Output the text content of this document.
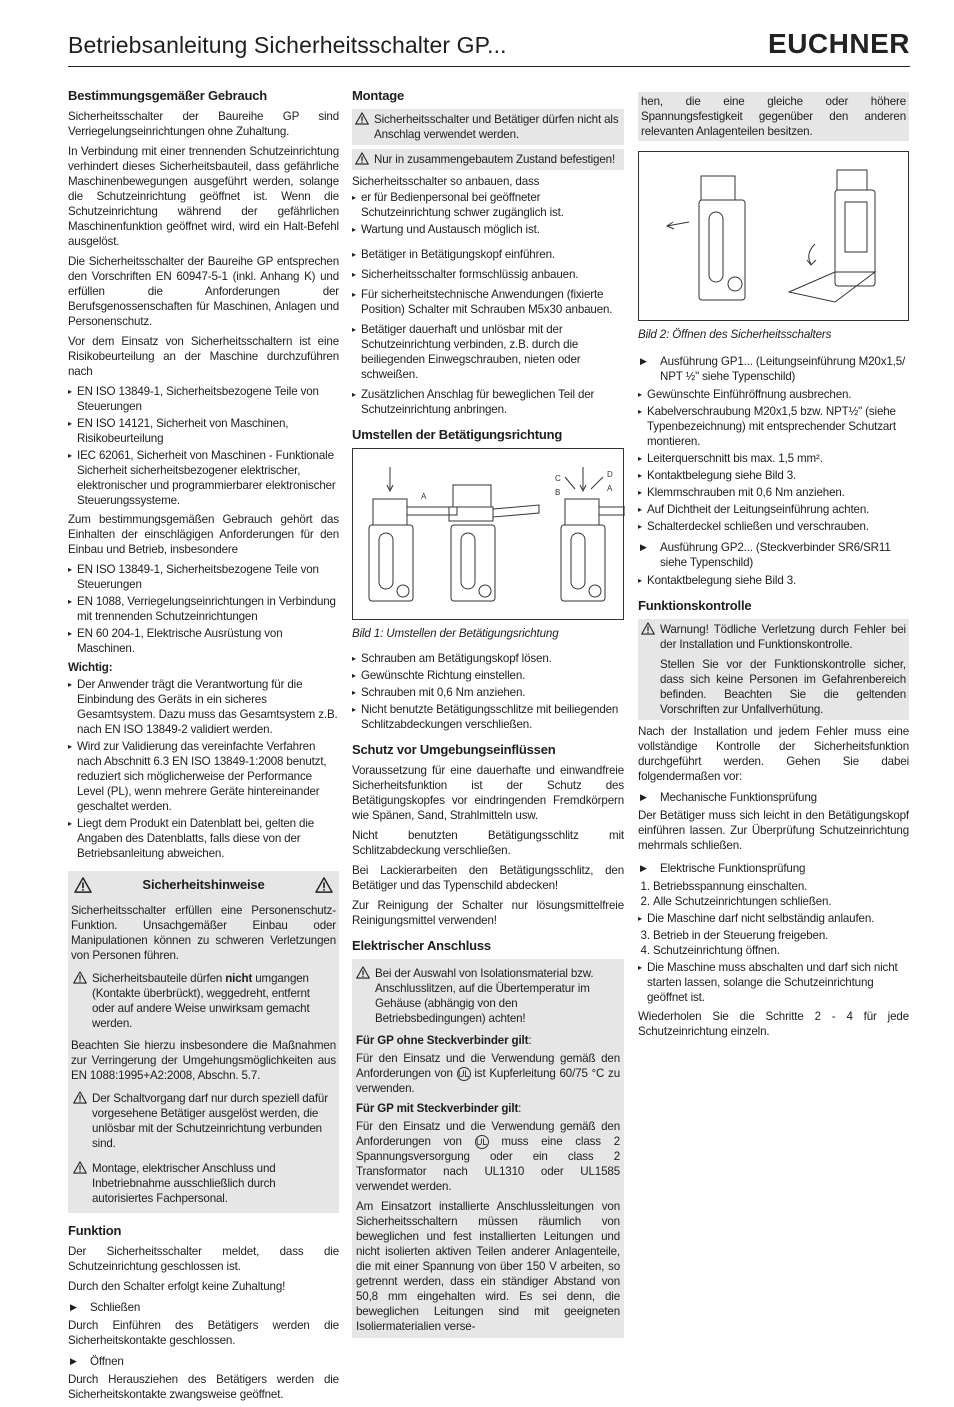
Betriebsanleitung Sicherheitsschalter GP...	EUCHNER
Bestimmungsgemäßer Gebrauch

Sicherheitsschalter der Baureihe GP sind Verriegelungseinrichtungen ohne Zuhaltung.

In Verbindung mit einer trennenden Schutzeinrichtung verhindert dieses Sicherheitsbauteil, dass gefährliche Maschinenbewegungen ausgeführt werden, solange die Schutzeinrichtung geöffnet ist. Wenn die Schutzeinrichtung während der gefährlichen Maschinenfunktion geöffnet wird, wird ein Halt-Befehl ausgelöst.

Die Sicherheitsschalter der Baureihe GP entsprechen den Vorschriften EN 60947-5-1 (inkl. Anhang K) und erfüllen die Anforderungen der Berufsgenossenschaften für Maschinen, Anlagen und Personenschutz.

Vor dem Einsatz von Sicherheitsschaltern ist eine Risikobeurteilung an der Maschine durchzuführen nach

▸ EN ISO 13849-1, Sicherheitsbezogene Teile von Steuerungen
▸ EN ISO 14121, Sicherheit von Maschinen, Risikobeurteilung
▸ IEC 62061, Sicherheit von Maschinen - Funktionale Sicherheit sicherheitsbezogener elektrischer, elektronischer und programmierbarer elektronischer Steuerungssysteme.

Zum bestimmungsgemäßen Gebrauch gehört das Einhalten der einschlägigen Anforderungen für den Einbau und Betrieb, insbesondere

▸ EN ISO 13849-1, Sicherheitsbezogene Teile von Steuerungen
▸ EN 1088, Verriegelungseinrichtungen in Verbindung mit trennenden Schutzeinrichtungen
▸ EN 60 204-1, Elektrische Ausrüstung von Maschinen.

Wichtig:

▸ Der Anwender trägt die Verantwortung für die Einbindung des Geräts in ein sicheres Gesamtsystem. Dazu muss das Gesamtsystem z.B. nach EN ISO 13849-2 validiert werden.
▸ Wird zur Validierung das vereinfachte Verfahren nach Abschnitt 6.3 EN ISO 13849-1:2008 benutzt, reduziert sich möglicherweise der Performance Level (PL), wenn mehrere Geräte hintereinander geschaltet werden.
▸ Liegt dem Produkt ein Datenblatt bei, gelten die Angaben des Datenblatts, falls diese von der Betriebsanleitung abweichen.
Sicherheitshinweise

Sicherheitsschalter erfüllen eine Personenschutz-Funktion. Unsachgemäßer Einbau oder Manipulationen können zu schweren Verletzungen von Personen führen.

Sicherheitsbauteile dürfen nicht umgangen (Kontakte überbrückt), weggedreht, entfernt oder auf andere Weise unwirksam gemacht werden.

Beachten Sie hierzu insbesondere die Maßnahmen zur Verringerung der Umgehungsmöglichkeiten aus EN 1088:1995+A2:2008, Abschn. 5.7.

Der Schaltvorgang darf nur durch speziell dafür vorgesehene Betätiger ausgelöst werden, die unlösbar mit der Schutzeinrichtung verbunden sind.
Montage, elektrischer Anschluss und Inbetriebnahme ausschließlich durch autorisiertes Fachpersonal.
Funktion

Der Sicherheitsschalter meldet, dass die Schutzeinrichtung geschlossen ist.

Durch den Schalter erfolgt keine Zuhaltung!

▶ Schließen

Durch Einführen des Betätigers werden die Sicherheitskontakte geschlossen.

▶ Öffnen

Durch Herausziehen des Betätigers werden die Sicherheitskontakte zwangsweise geöffnet.

Montage
Sicherheitsschalter und Betätiger dürfen nicht als Anschlag verwendet werden.
Nur in zusammengebautem Zustand befestigen!

Sicherheitsschalter so anbauen, dass

▸ er für Bedienpersonal bei geöffneter Schutzeinrichtung schwer zugänglich ist.
▸ Wartung und Austausch möglich ist.
▸ Betätiger in Betätigungskopf einführen.
▸ Sicherheitsschalter formschlüssig anbauen.
▸ Für sicherheitstechnische Anwendungen (fixierte Position) Schalter mit Schrauben M5x30 anbauen.
▸ Betätiger dauerhaft und unlösbar mit der Schutzeinrichtung verbinden, z.B. durch die beiliegenden Einwegschrauben, nieten oder schweißen.
▸ Zusätzlichen Anschlag für beweglichen Teil der Schutzeinrichtung anbringen.
Umstellen der Betätigungsrichtung
A
C
B
D
A
Bild 1: Umstellen der Betätigungsrichtung
▸ Schrauben am Betätigungskopf lösen.
▸ Gewünschte Richtung einstellen.
▸ Schrauben mit 0,6 Nm anziehen.
▸ Nicht benutzte Betätigungsschlitze mit beiliegenden Schlitzabdeckungen verschließen.
Schutz vor Umgebungseinflüssen

Voraussetzung für eine dauerhafte und einwandfreie Sicherheitsfunktion ist der Schutz des Betätigungskopfes vor eindringenden Fremdkörpern wie Spänen, Sand, Strahlmitteln usw.

Nicht benutzten Betätigungsschlitz mit Schlitzabdeckung verschließen.

Bei Lackierarbeiten den Betätigungsschlitz, den Betätiger und das Typenschild abdecken!

Zur Reinigung der Schalter nur lösungsmittelfreie Reinigungsmittel verwenden!

Elektrischer Anschluss
Bei der Auswahl von Isolationsmaterial bzw. Anschlusslitzen, auf die Übertemperatur im Gehäuse (abhängig von den Betriebsbedingungen) achten!

Für GP ohne Steckverbinder gilt:

Für den Einsatz und die Verwendung gemäß den Anforderungen von UL ist Kupferleitung 60/75 °C zu verwenden.

Für GP mit Steckverbinder gilt:

Für den Einsatz und die Verwendung gemäß den Anforderungen von UL muss eine class 2 Spannungsversorgung oder ein class 2 Transformator nach UL1310 oder UL1585 verwendet werden.

Am Einsatzort installierte Anschlussleitungen von Sicherheitsschaltern müssen räumlich von beweglichen und fest installierten Leitungen und nicht isolierten aktiven Teilen anderer Anlagenteile, die mit einer Spannung von über 150 V arbeiten, so getrennt werden, dass ein ständiger Abstand von 50,8 mm eingehalten wird. Es sei denn, die beweglichen Leitungen sind mit geeigneten Isoliermaterialien verse-

hen, die eine gleiche oder höhere Spannungsfestigkeit gegenüber den anderen relevanten Anlagenteilen besitzen.

Bild 2: Öffnen des Sicherheitsschalters
▶ Ausführung GP1... (Leitungseinführung M20x1,5/ NPT ½" siehe Typenschild)
▸ Gewünschte Einführöffnung ausbrechen.
▸ Kabelverschraubung M20x1,5 bzw. NPT½" (siehe Typenbezeichnung) mit entsprechender Schutzart montieren.
▸ Leiterquerschnitt bis max. 1,5 mm².
▸ Kontaktbelegung siehe Bild 3.
▸ Klemmschrauben mit 0,6 Nm anziehen.
▸ Auf Dichtheit der Leitungseinführung achten.
▸ Schalterdeckel schließen und verschrauben.
▶ Ausführung GP2... (Steckverbinder SR6/SR11 siehe Typenschild)
▸ Kontaktbelegung siehe Bild 3.
Funktionskontrolle

Warnung! Tödliche Verletzung durch Fehler bei der Installation und Funktionskontrolle.

Stellen Sie vor der Funktionskontrolle sicher, dass sich keine Personen im Gefahrenbereich befinden. Beachten Sie die geltenden Vorschriften zur Unfallverhütung.

Nach der Installation und jedem Fehler muss eine vollständige Kontrolle der Sicherheitsfunktion durchgeführt werden. Gehen Sie dabei folgendermaßen vor:

▶ Mechanische Funktionsprüfung

Der Betätiger muss sich leicht in den Betätigungskopf einführen lassen. Zur Überprüfung Schutzeinrichtung mehrmals schließen.

▶ Elektrische Funktionsprüfung
1. Betriebsspannung einschalten.
2. Alle Schutzeinrichtungen schließen.
▸ Die Maschine darf nicht selbständig anlaufen.
3. Betrieb in der Steuerung freigeben.
4. Schutzeinrichtung öffnen.
▸ Die Maschine muss abschalten und darf sich nicht starten lassen, solange die Schutzeinrichtung geöffnet ist.

Wiederholen Sie die Schritte 2 - 4 für jede Schutzeinrichtung einzeln.
